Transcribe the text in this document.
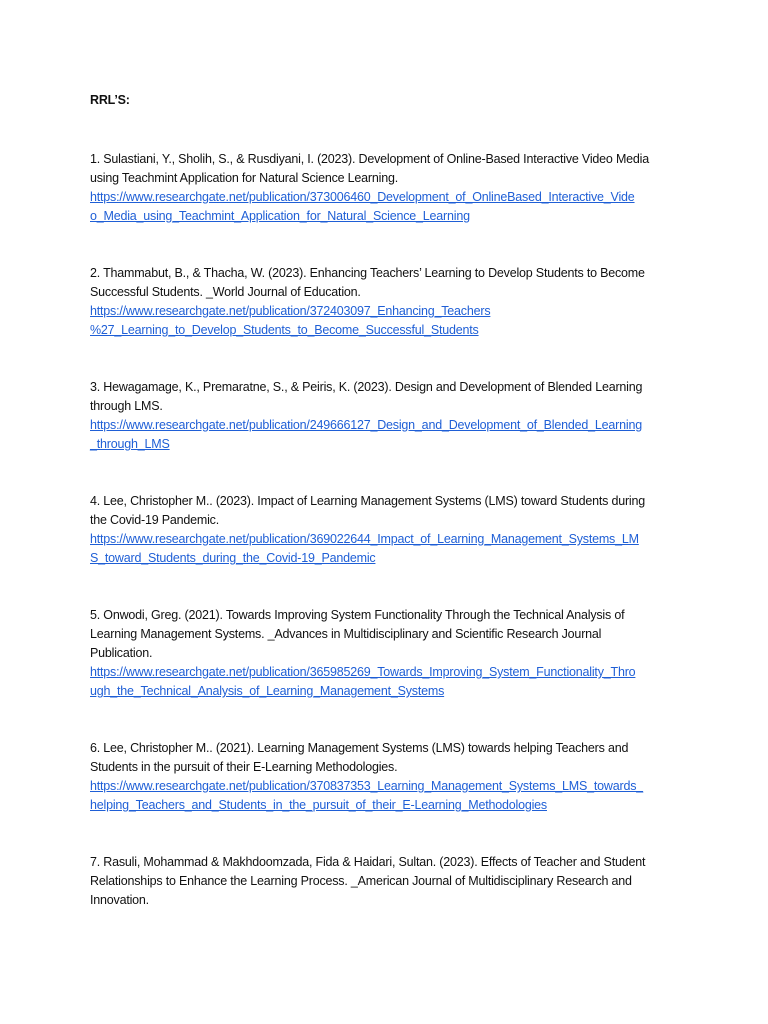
RRL’S:
1. Sulastiani, Y., Sholih, S., & Rusdiyani, I. (2023). Development of Online-Based Interactive Video Media
using Teachmint Application for Natural Science Learning.
https://www.researchgate.net/publication/373006460_Development_of_OnlineBased_Interactive_Vide
o_Media_using_Teachmint_Application_for_Natural_Science_Learning
2. Thammabut, B., & Thacha, W. (2023). Enhancing Teachers’ Learning to Develop Students to Become
Successful Students. _World Journal of Education.
https://www.researchgate.net/publication/372403097_Enhancing_Teachers
%27_Learning_to_Develop_Students_to_Become_Successful_Students
3. Hewagamage, K., Premaratne, S., & Peiris, K. (2023). Design and Development of Blended Learning
through LMS.
https://www.researchgate.net/publication/249666127_Design_and_Development_of_Blended_Learning
_through_LMS
4. Lee, Christopher M.. (2023). Impact of Learning Management Systems (LMS) toward Students during
the Covid-19 Pandemic.
https://www.researchgate.net/publication/369022644_Impact_of_Learning_Management_Systems_LM
S_toward_Students_during_the_Covid-19_Pandemic
5. Onwodi, Greg. (2021). Towards Improving System Functionality Through the Technical Analysis of
Learning Management Systems. _Advances in Multidisciplinary and Scientific Research Journal
Publication.
https://www.researchgate.net/publication/365985269_Towards_Improving_System_Functionality_Thro
ugh_the_Technical_Analysis_of_Learning_Management_Systems
6. Lee, Christopher M.. (2021). Learning Management Systems (LMS) towards helping Teachers and
Students in the pursuit of their E-Learning Methodologies.
https://www.researchgate.net/publication/370837353_Learning_Management_Systems_LMS_towards_
helping_Teachers_and_Students_in_the_pursuit_of_their_E-Learning_Methodologies
7. Rasuli, Mohammad & Makhdoomzada, Fida & Haidari, Sultan. (2023). Effects of Teacher and Student
Relationships to Enhance the Learning Process. _American Journal of Multidisciplinary Research and
Innovation.
